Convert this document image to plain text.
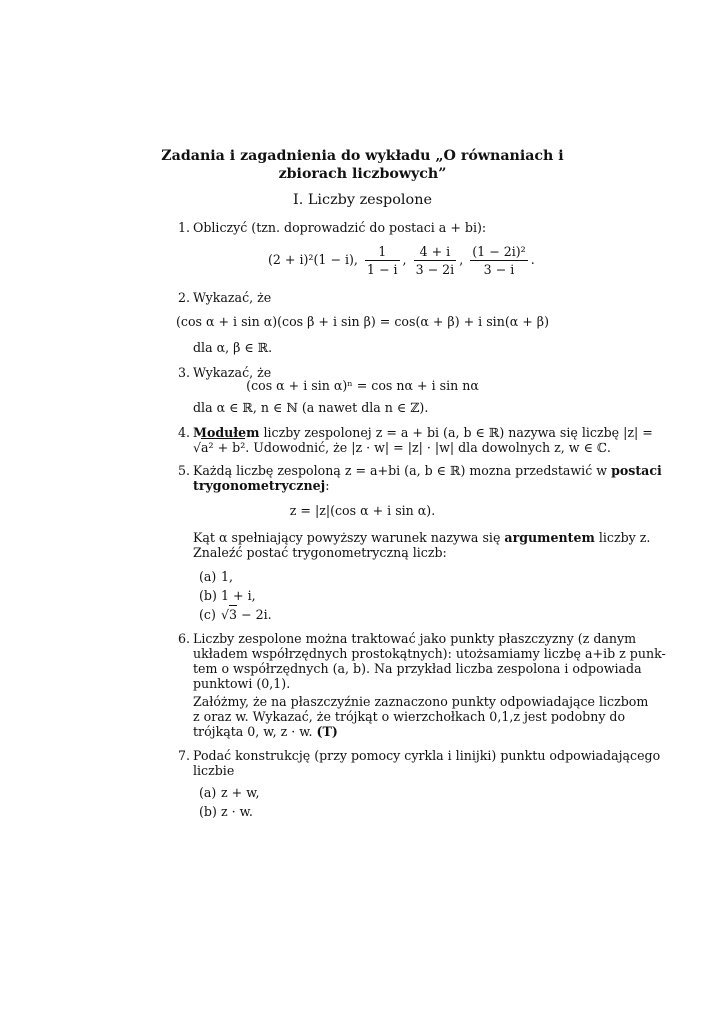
Zadania i zagadnienia do wykładu „O równaniach i
zbiorach liczbowych”
I. Liczby zespolone
1. Obliczyć (tzn. doprowadzić do postaci a + bi):
(2 + i)²(1 − i), $\frac{1}{1 - i}$ , $\frac{4 + i}{3 - 2i}$ , $\frac{\text{(1 − 2i)²}}{3 - i}$ .
2. Wykazać, że
(cos α + i sin α)(cos β + i sin β) = cos(α + β) + i sin(α + β)
dla α, β ∈ ℝ.
3. Wykazać, że
(cos α + i sin α)ⁿ = cos nα + i sin nα
dla α ∈ ℝ, n ∈ ℕ (a nawet dla n ∈ ℤ).
4. Modułem liczby zespolonej z = a + bi (a, b ∈ ℝ) nazywa się liczbę |z| =
√a² + b². Udowodnić, że |z · w| = |z| · |w| dla dowolnych z, w ∈ ℂ.
5. Każdą liczbę zespoloną z = a+bi (a, b ∈ ℝ) mozna przedstawić w postaci
trygonometrycznej:
z = |z|(cos α + i sin α).
Kąt α spełniający powyższy warunek nazywa się argumentem liczby z.
Znaleźć postać trygonometryczną liczb:
(a) 1,
(b) 1 + i,
(c) √3 − 2i.
6. Liczby zespolone można traktować jako punkty płaszczyzny (z danym
układem współrzędnych prostokątnych): utożsamiamy liczbę a+ib z punk-
tem o współrzędnych (a, b). Na przykład liczba zespolona i odpowiada
punktowi (0,1).
Załóżmy, że na płaszczyźnie zaznaczono punkty odpowiadające liczbom
z oraz w. Wykazać, że trójkąt o wierzchołkach 0,1,z jest podobny do
trójkąta 0, w, z · w. (T)
7. Podać konstrukcję (przy pomocy cyrkla i linijki) punktu odpowiadającego
liczbie
(a) z + w,
(b) z · w.
